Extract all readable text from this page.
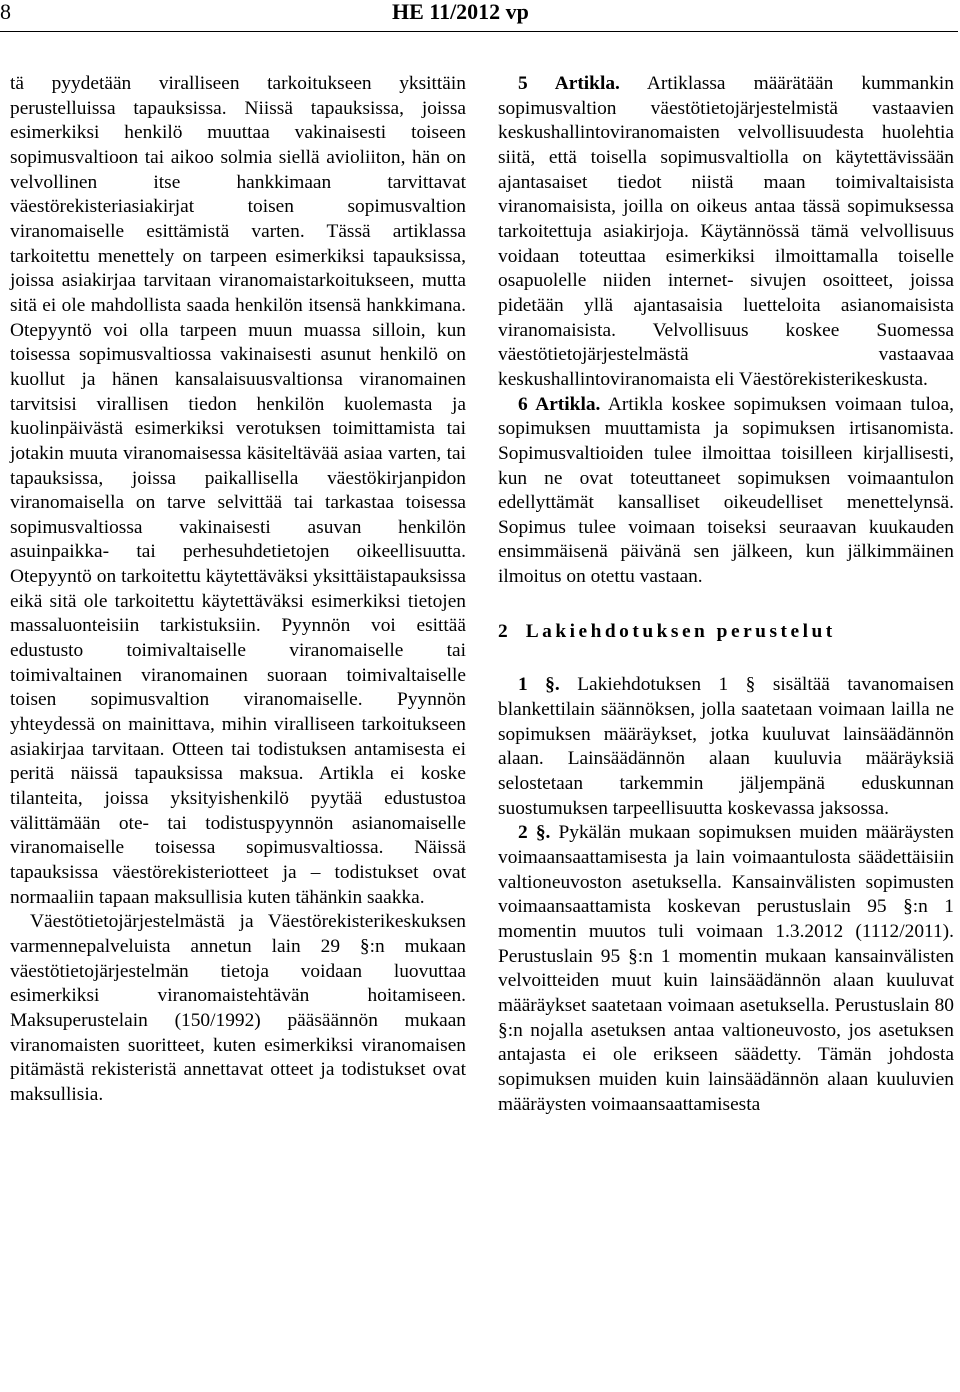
8	HE 11/2012 vp

tä pyydetään viralliseen tarkoitukseen yksittäin perustelluissa tapauksissa. Niissä tapauksissa, joissa esimerkiksi henkilö muuttaa vakinaisesti toiseen sopimusvaltioon tai aikoo solmia siellä avioliiton, hän on velvollinen itse hankkimaan tarvittavat väestörekisteriasiakirjat toisen sopimusvaltion viranomaiselle esittämistä varten. Tässä artiklassa tarkoitettu menettely on tarpeen esimerkiksi tapauksissa, joissa asiakirjaa tarvitaan viranomaistarkoitukseen, mutta sitä ei ole mahdollista saada henkilön itsensä hankkimana. Otepyyntö voi olla tarpeen muun muassa silloin, kun toisessa sopimusvaltiossa vakinaisesti asunut henkilö on kuollut ja hänen kansalaisuusvaltionsa viranomainen tarvitsisi virallisen tiedon henkilön kuolemasta ja kuolinpäivästä esimerkiksi verotuksen toimittamista tai jotakin muuta viranomaisessa käsiteltävää asiaa varten, tai tapauksissa, joissa paikallisella väestökirjanpidon viranomaisella on tarve selvittää tai tarkastaa toisessa sopimusvaltiossa vakinaisesti asuvan henkilön asuinpaikka- tai perhesuhdetietojen oikeellisuutta. Otepyyntö on tarkoitettu käytettäväksi yksittäistapauksissa eikä sitä ole tarkoitettu käytettäväksi esimerkiksi tietojen massaluonteisiin tarkistuksiin. Pyynnön voi esittää edustusto toimivaltaiselle viranomaiselle tai toimivaltainen viranomainen suoraan toimivaltaiselle toisen sopimusvaltion viranomaiselle. Pyynnön yhteydessä on mainittava, mihin viralliseen tarkoitukseen asiakirjaa tarvitaan. Otteen tai todistuksen antamisesta ei peritä näissä tapauksissa maksua. Artikla ei koske tilanteita, joissa yksityishenkilö pyytää edustustoa välittämään ote- tai todistuspyynnön asianomaiselle viranomaiselle toisessa sopimusvaltiossa. Näissä tapauksissa väestörekisteriotteet ja – todistukset ovat normaaliin tapaan maksullisia kuten tähänkin saakka.

Väestötietojärjestelmästä ja Väestörekisterikeskuksen varmennepalveluista annetun lain 29 §:n mukaan väestötietojärjestelmän tietoja voidaan luovuttaa esimerkiksi viranomaistehtävän hoitamiseen. Maksuperustelain (150/1992) pääsäännön mukaan viranomaisten suoritteet, kuten esimerkiksi viranomaisen pitämästä rekisteristä annettavat otteet ja todistukset ovat maksullisia.

5 Artikla. Artiklassa määrätään kummankin sopimusvaltion väestötietojärjestelmistä vastaavien keskushallintoviranomaisten velvollisuudesta huolehtia siitä, että toisella sopimusvaltiolla on käytettävissään ajantasaiset tiedot niistä maan toimivaltaisista viranomaisista, joilla on oikeus antaa tässä sopimuksessa tarkoitettuja asiakirjoja. Käytännössä tämä velvollisuus voidaan toteuttaa esimerkiksi ilmoittamalla toiselle osapuolelle niiden internet- sivujen osoitteet, joissa pidetään yllä ajantasaisia luetteloita asianomaisista viranomaisista. Velvollisuus koskee Suomessa väestötietojärjestelmästä vastaavaa keskushallintoviranomaista eli Väestörekisterikeskusta.

6 Artikla. Artikla koskee sopimuksen voimaan tuloa, sopimuksen muuttamista ja sopimuksen irtisanomista. Sopimusvaltioiden tulee ilmoittaa toisilleen kirjallisesti, kun ne ovat toteuttaneet sopimuksen voimaantulon edellyttämät kansalliset oikeudelliset menettelynsä. Sopimus tulee voimaan toiseksi seuraavan kuukauden ensimmäisenä päivänä sen jälkeen, kun jälkimmäinen ilmoitus on otettu vastaan.

2 Lakiehdotuksen perustelut

1 §. Lakiehdotuksen 1 § sisältää tavanomaisen blankettilain säännöksen, jolla saatetaan voimaan lailla ne sopimuksen määräykset, jotka kuuluvat lainsäädännön alaan. Lainsäädännön alaan kuuluvia määräyksiä selostetaan tarkemmin jäljempänä eduskunnan suostumuksen tarpeellisuutta koskevassa jaksossa.

2 §. Pykälän mukaan sopimuksen muiden määräysten voimaansaattamisesta ja lain voimaantulosta säädettäisiin valtioneuvoston asetuksella. Kansainvälisten sopimusten voimaansaattamista koskevan perustuslain 95 §:n 1 momentin muutos tuli voimaan 1.3.2012 (1112/2011). Perustuslain 95 §:n 1 momentin mukaan kansainvälisten velvoitteiden muut kuin lainsäädännön alaan kuuluvat määräykset saatetaan voimaan asetuksella. Perustuslain 80 §:n nojalla asetuksen antaa valtioneuvosto, jos asetuksen antajasta ei ole erikseen säädetty. Tämän johdosta sopimuksen muiden kuin lainsäädännön alaan kuuluvien määräysten voimaansaattamisesta
